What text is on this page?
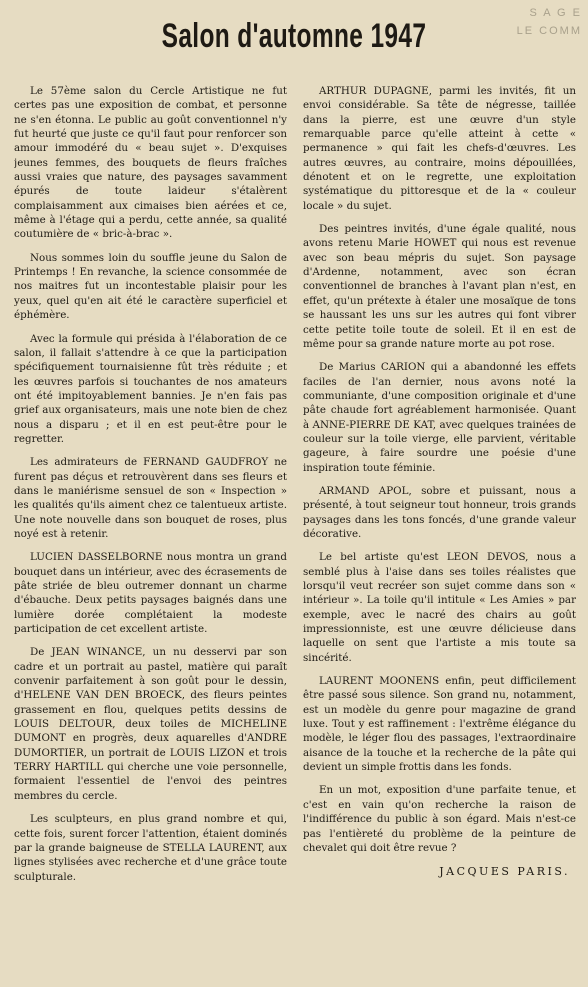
S A G E
LE COMM
Salon d'automne 1947

Le 57ème salon du Cercle Artistique ne fut certes pas une exposition de combat, et personne ne s'en étonna. Le public au goût conventionnel n'y fut heurté que juste ce qu'il faut pour renforcer son amour immodéré du « beau sujet ». D'exquises jeunes femmes, des bouquets de fleurs fraîches aussi vraies que nature, des paysages savamment épurés de toute laideur s'étalèrent complaisamment aux cimaises bien aérées et ce, même à l'étage qui a perdu, cette année, sa qualité coutumière de « bric-à-brac ».

Nous sommes loin du souffle jeune du Salon de Printemps ! En revanche, la science consommée de nos maitres fut un incontestable plaisir pour les yeux, quel qu'en ait été le caractère superficiel et éphémère.

Avec la formule qui présida à l'élaboration de ce salon, il fallait s'attendre à ce que la participation spécifiquement tournaisienne fût très réduite ; et les œuvres parfois si touchantes de nos amateurs ont été impitoyablement bannies. Je n'en fais pas grief aux organisateurs, mais une note bien de chez nous a disparu ; et il en est peut-être pour le regretter.

Les admirateurs de FERNAND GAUDFROY ne furent pas déçus et retrouvèrent dans ses fleurs et dans le maniérisme sensuel de son « Inspection » les qualités qu'ils aiment chez ce talentueux artiste. Une note nouvelle dans son bouquet de roses, plus noyé est à retenir.

LUCIEN DASSELBORNE nous montra un grand bouquet dans un intérieur, avec des écrasements de pâte striée de bleu outremer donnant un charme d'ébauche. Deux petits paysages baignés dans une lumière dorée complétaient la modeste participation de cet excellent artiste.

De JEAN WINANCE, un nu desservi par son cadre et un portrait au pastel, matière qui paraît convenir parfaitement à son goût pour le dessin, d'HELENE VAN DEN BROECK, des fleurs peintes grassement en flou, quelques petits dessins de LOUIS DELTOUR, deux toiles de MICHELINE DUMONT en progrès, deux aquarelles d'ANDRE DUMORTIER, un portrait de LOUIS LIZON et trois TERRY HARTILL qui cherche une voie personnelle, formaient l'essentiel de l'envoi des peintres membres du cercle.

Les sculpteurs, en plus grand nombre et qui, cette fois, surent forcer l'attention, étaient dominés par la grande baigneuse de STELLA LAURENT, aux lignes stylisées avec recherche et d'une grâce toute sculpturale.

ARTHUR DUPAGNE, parmi les invités, fit un envoi considérable. Sa tête de négresse, taillée dans la pierre, est une œuvre d'un style remarquable parce qu'elle atteint à cette « permanence » qui fait les chefs-d'œuvres. Les autres œuvres, au contraire, moins dépouillées, dénotent et on le regrette, une exploitation systématique du pittoresque et de la « couleur locale » du sujet.

Des peintres invités, d'une égale qualité, nous avons retenu Marie HOWET qui nous est revenue avec son beau mépris du sujet. Son paysage d'Ardenne, notamment, avec son écran conventionnel de branches à l'avant plan n'est, en effet, qu'un prétexte à étaler une mosaïque de tons se haussant les uns sur les autres qui font vibrer cette petite toile toute de soleil. Et il en est de même pour sa grande nature morte au pot rose.

De Marius CARION qui a abandonné les effets faciles de l'an dernier, nous avons noté la communiante, d'une composition originale et d'une pâte chaude fort agréablement harmonisée. Quant à ANNE-PIERRE DE KAT, avec quelques trainées de couleur sur la toile vierge, elle parvient, véritable gageure, à faire sourdre une poésie d'une inspiration toute féminie.

ARMAND APOL, sobre et puissant, nous a présenté, à tout seigneur tout honneur, trois grands paysages dans les tons foncés, d'une grande valeur décorative.

Le bel artiste qu'est LEON DEVOS, nous a semblé plus à l'aise dans ses toiles réalistes que lorsqu'il veut recréer son sujet comme dans son « intérieur ». La toile qu'il intitule « Les Amies » par exemple, avec le nacré des chairs au goût impressionniste, est une œuvre délicieuse dans laquelle on sent que l'artiste a mis toute sa sincérité.

LAURENT MOONENS enfin, peut difficilement être passé sous silence. Son grand nu, notamment, est un modèle du genre pour magazine de grand luxe. Tout y est raffinement : l'extrême élégance du modèle, le léger flou des passages, l'extraordinaire aisance de la touche et la recherche de la pâte qui devient un simple frottis dans les fonds.

En un mot, exposition d'une parfaite tenue, et c'est en vain qu'on recherche la raison de l'indifférence du public à son égard. Mais n'est-ce pas l'entièreté du problème de la peinture de chevalet qui doit être revue ?

JACQUES PARIS.
